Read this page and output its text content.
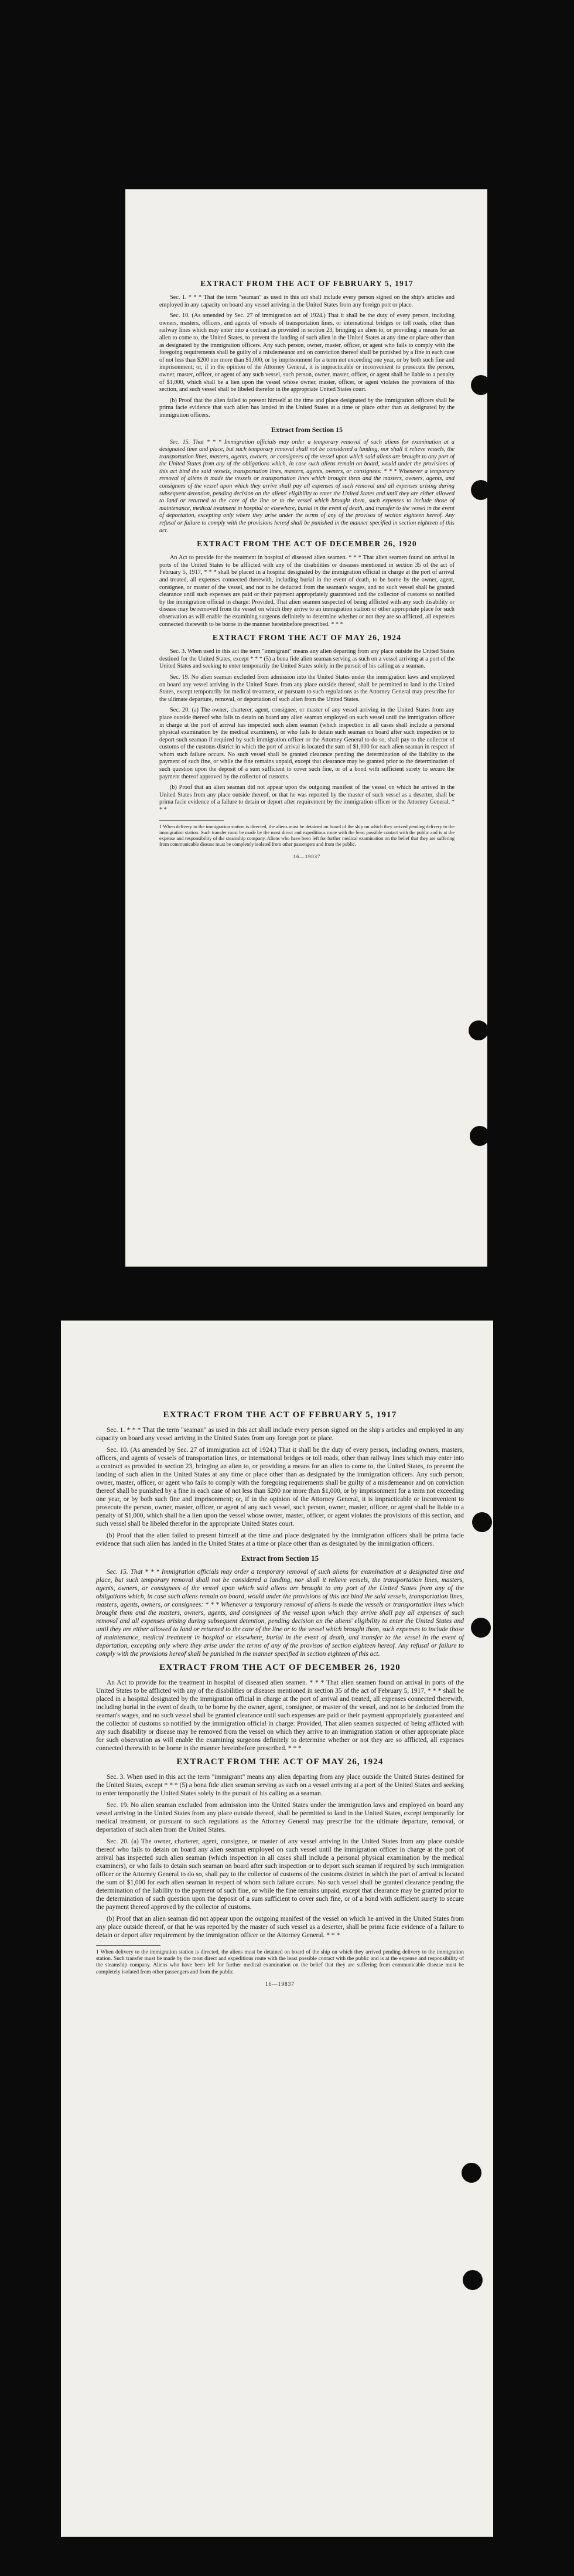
EXTRACT FROM THE ACT OF FEBRUARY 5, 1917

Sec. 1. * * * That the term "seaman" as used in this act shall include every person signed on the ship's articles and employed in any capacity on board any vessel arriving in the United States from any foreign port or place.

Sec. 10. (As amended by Sec. 27 of immigration act of 1924.) That it shall be the duty of every person, including owners, masters, officers, and agents of vessels of transportation lines, or international bridges or toll roads, other than railway lines which may enter into a contract as provided in section 23, bringing an alien to, or providing a means for an alien to come to, the United States, to prevent the landing of such alien in the United States at any time or place other than as designated by the immigration officers. Any such person, owner, master, officer, or agent who fails to comply with the foregoing requirements shall be guilty of a misdemeanor and on conviction thereof shall be punished by a fine in each case of not less than $200 nor more than $1,000, or by imprisonment for a term not exceeding one year, or by both such fine and imprisonment; or, if in the opinion of the Attorney General, it is impracticable or inconvenient to prosecute the person, owner, master, officer, or agent of any such vessel, such person, owner, master, officer, or agent shall be liable to a penalty of $1,000, which shall be a lien upon the vessel whose owner, master, officer, or agent violates the provisions of this section, and such vessel shall be libeled therefor in the appropriate United States court.

(b) Proof that the alien failed to present himself at the time and place designated by the immigration officers shall be prima facie evidence that such alien has landed in the United States at a time or place other than as designated by the immigration officers.

Extract from Section 15

Sec. 15. That * * * Immigration officials may order a temporary removal of such aliens for examination at a designated time and place, but such temporary removal shall not be considered a landing, nor shall it relieve vessels, the transportation lines, masters, agents, owners, or consignees of the vessel upon which said aliens are brought to any port of the United States from any of the obligations which, in case such aliens remain on board, would under the provisions of this act bind the said vessels, transportation lines, masters, agents, owners, or consignees: * * * Whenever a temporary removal of aliens is made the vessels or transportation lines which brought them and the masters, owners, agents, and consignees of the vessel upon which they arrive shall pay all expenses of such removal and all expenses arising during subsequent detention, pending decision on the aliens' eligibility to enter the United States and until they are either allowed to land or returned to the care of the line or to the vessel which brought them, such expenses to include those of maintenance, medical treatment in hospital or elsewhere, burial in the event of death, and transfer to the vessel in the event of deportation, excepting only where they arise under the terms of any of the provisos of section eighteen hereof. Any refusal or failure to comply with the provisions hereof shall be punished in the manner specified in section eighteen of this act.

EXTRACT FROM THE ACT OF DECEMBER 26, 1920

An Act to provide for the treatment in hospital of diseased alien seamen. * * * That alien seamen found on arrival in ports of the United States to be afflicted with any of the disabilities or diseases mentioned in section 35 of the act of February 5, 1917, * * * shall be placed in a hospital designated by the immigration official in charge at the port of arrival and treated, all expenses connected therewith, including burial in the event of death, to be borne by the owner, agent, consignee, or master of the vessel, and not to be deducted from the seaman's wages, and no such vessel shall be granted clearance until such expenses are paid or their payment appropriately guaranteed and the collector of customs so notified by the immigration official in charge: Provided, That alien seamen suspected of being afflicted with any such disability or disease may be removed from the vessel on which they arrive to an immigration station or other appropriate place for such observation as will enable the examining surgeons definitely to determine whether or not they are so afflicted, all expenses connected therewith to be borne in the manner hereinbefore prescribed. * * *

EXTRACT FROM THE ACT OF MAY 26, 1924

Sec. 3. When used in this act the term "immigrant" means any alien departing from any place outside the United States destined for the United States, except * * * (5) a bona fide alien seaman serving as such on a vessel arriving at a port of the United States and seeking to enter temporarily the United States solely in the pursuit of his calling as a seaman.

Sec. 19. No alien seaman excluded from admission into the United States under the immigration laws and employed on board any vessel arriving in the United States from any place outside thereof, shall be permitted to land in the United States, except temporarily for medical treatment, or pursuant to such regulations as the Attorney General may prescribe for the ultimate departure, removal, or deportation of such alien from the United States.

Sec. 20. (a) The owner, charterer, agent, consignee, or master of any vessel arriving in the United States from any place outside thereof who fails to detain on board any alien seaman employed on such vessel until the immigration officer in charge at the port of arrival has inspected such alien seaman (which inspection in all cases shall include a personal physical examination by the medical examiners), or who fails to detain such seaman on board after such inspection or to deport such seaman if required by such immigration officer or the Attorney General to do so, shall pay to the collector of customs of the customs district in which the port of arrival is located the sum of $1,000 for each alien seaman in respect of whom such failure occurs. No such vessel shall be granted clearance pending the determination of the liability to the payment of such fine, or while the fine remains unpaid, except that clearance may be granted prior to the determination of such question upon the deposit of a sum sufficient to cover such fine, or of a bond with sufficient surety to secure the payment thereof approved by the collector of customs.

(b) Proof that an alien seaman did not appear upon the outgoing manifest of the vessel on which he arrived in the United States from any place outside thereof, or that he was reported by the master of such vessel as a deserter, shall be prima facie evidence of a failure to detain or deport after requirement by the immigration officer or the Attorney General. * * *

1 When delivery to the immigration station is directed, the aliens must be detained on board of the ship on which they arrived pending delivery to the immigration station. Such transfer must be made by the most direct and expeditious route with the least possible contact with the public and is at the expense and responsibility of the steamship company. Aliens who have been left for further medical examination on the belief that they are suffering from communicable disease must be completely isolated from other passengers and from the public.

16—19837
EXTRACT FROM THE ACT OF FEBRUARY 5, 1917

Sec. 1. * * * That the term "seaman" as used in this act shall include every person signed on the ship's articles and employed in any capacity on board any vessel arriving in the United States from any foreign port or place.

Sec. 10. (As amended by Sec. 27 of immigration act of 1924.) That it shall be the duty of every person, including owners, masters, officers, and agents of vessels of transportation lines, or international bridges or toll roads, other than railway lines which may enter into a contract as provided in section 23, bringing an alien to, or providing a means for an alien to come to, the United States, to prevent the landing of such alien in the United States at any time or place other than as designated by the immigration officers. Any such person, owner, master, officer, or agent who fails to comply with the foregoing requirements shall be guilty of a misdemeanor and on conviction thereof shall be punished by a fine in each case of not less than $200 nor more than $1,000, or by imprisonment for a term not exceeding one year, or by both such fine and imprisonment; or, if in the opinion of the Attorney General, it is impracticable or inconvenient to prosecute the person, owner, master, officer, or agent of any such vessel, such person, owner, master, officer, or agent shall be liable to a penalty of $1,000, which shall be a lien upon the vessel whose owner, master, officer, or agent violates the provisions of this section, and such vessel shall be libeled therefor in the appropriate United States court.

(b) Proof that the alien failed to present himself at the time and place designated by the immigration officers shall be prima facie evidence that such alien has landed in the United States at a time or place other than as designated by the immigration officers.

Extract from Section 15

Sec. 15. That * * * Immigration officials may order a temporary removal of such aliens for examination at a designated time and place, but such temporary removal shall not be considered a landing, nor shall it relieve vessels, the transportation lines, masters, agents, owners, or consignees of the vessel upon which said aliens are brought to any port of the United States from any of the obligations which, in case such aliens remain on board, would under the provisions of this act bind the said vessels, transportation lines, masters, agents, owners, or consignees: * * * Whenever a temporary removal of aliens is made the vessels or transportation lines which brought them and the masters, owners, agents, and consignees of the vessel upon which they arrive shall pay all expenses of such removal and all expenses arising during subsequent detention, pending decision on the aliens' eligibility to enter the United States and until they are either allowed to land or returned to the care of the line or to the vessel which brought them, such expenses to include those of maintenance, medical treatment in hospital or elsewhere, burial in the event of death, and transfer to the vessel in the event of deportation, excepting only where they arise under the terms of any of the provisos of section eighteen hereof. Any refusal or failure to comply with the provisions hereof shall be punished in the manner specified in section eighteen of this act.

EXTRACT FROM THE ACT OF DECEMBER 26, 1920

An Act to provide for the treatment in hospital of diseased alien seamen. * * * That alien seamen found on arrival in ports of the United States to be afflicted with any of the disabilities or diseases mentioned in section 35 of the act of February 5, 1917, * * * shall be placed in a hospital designated by the immigration official in charge at the port of arrival and treated, all expenses connected therewith, including burial in the event of death, to be borne by the owner, agent, consignee, or master of the vessel, and not to be deducted from the seaman's wages, and no such vessel shall be granted clearance until such expenses are paid or their payment appropriately guaranteed and the collector of customs so notified by the immigration official in charge: Provided, That alien seamen suspected of being afflicted with any such disability or disease may be removed from the vessel on which they arrive to an immigration station or other appropriate place for such observation as will enable the examining surgeons definitely to determine whether or not they are so afflicted, all expenses connected therewith to be borne in the manner hereinbefore prescribed. * * *

EXTRACT FROM THE ACT OF MAY 26, 1924

Sec. 3. When used in this act the term "immigrant" means any alien departing from any place outside the United States destined for the United States, except * * * (5) a bona fide alien seaman serving as such on a vessel arriving at a port of the United States and seeking to enter temporarily the United States solely in the pursuit of his calling as a seaman.

Sec. 19. No alien seaman excluded from admission into the United States under the immigration laws and employed on board any vessel arriving in the United States from any place outside thereof, shall be permitted to land in the United States, except temporarily for medical treatment, or pursuant to such regulations as the Attorney General may prescribe for the ultimate departure, removal, or deportation of such alien from the United States.

Sec. 20. (a) The owner, charterer, agent, consignee, or master of any vessel arriving in the United States from any place outside thereof who fails to detain on board any alien seaman employed on such vessel until the immigration officer in charge at the port of arrival has inspected such alien seaman (which inspection in all cases shall include a personal physical examination by the medical examiners), or who fails to detain such seaman on board after such inspection or to deport such seaman if required by such immigration officer or the Attorney General to do so, shall pay to the collector of customs of the customs district in which the port of arrival is located the sum of $1,000 for each alien seaman in respect of whom such failure occurs. No such vessel shall be granted clearance pending the determination of the liability to the payment of such fine, or while the fine remains unpaid, except that clearance may be granted prior to the determination of such question upon the deposit of a sum sufficient to cover such fine, or of a bond with sufficient surety to secure the payment thereof approved by the collector of customs.

(b) Proof that an alien seaman did not appear upon the outgoing manifest of the vessel on which he arrived in the United States from any place outside thereof, or that he was reported by the master of such vessel as a deserter, shall be prima facie evidence of a failure to detain or deport after requirement by the immigration officer or the Attorney General. * * *

1 When delivery to the immigration station is directed, the aliens must be detained on board of the ship on which they arrived pending delivery to the immigration station. Such transfer must be made by the most direct and expeditious route with the least possible contact with the public and is at the expense and responsibility of the steamship company. Aliens who have been left for further medical examination on the belief that they are suffering from communicable disease must be completely isolated from other passengers and from the public.

16—19837
